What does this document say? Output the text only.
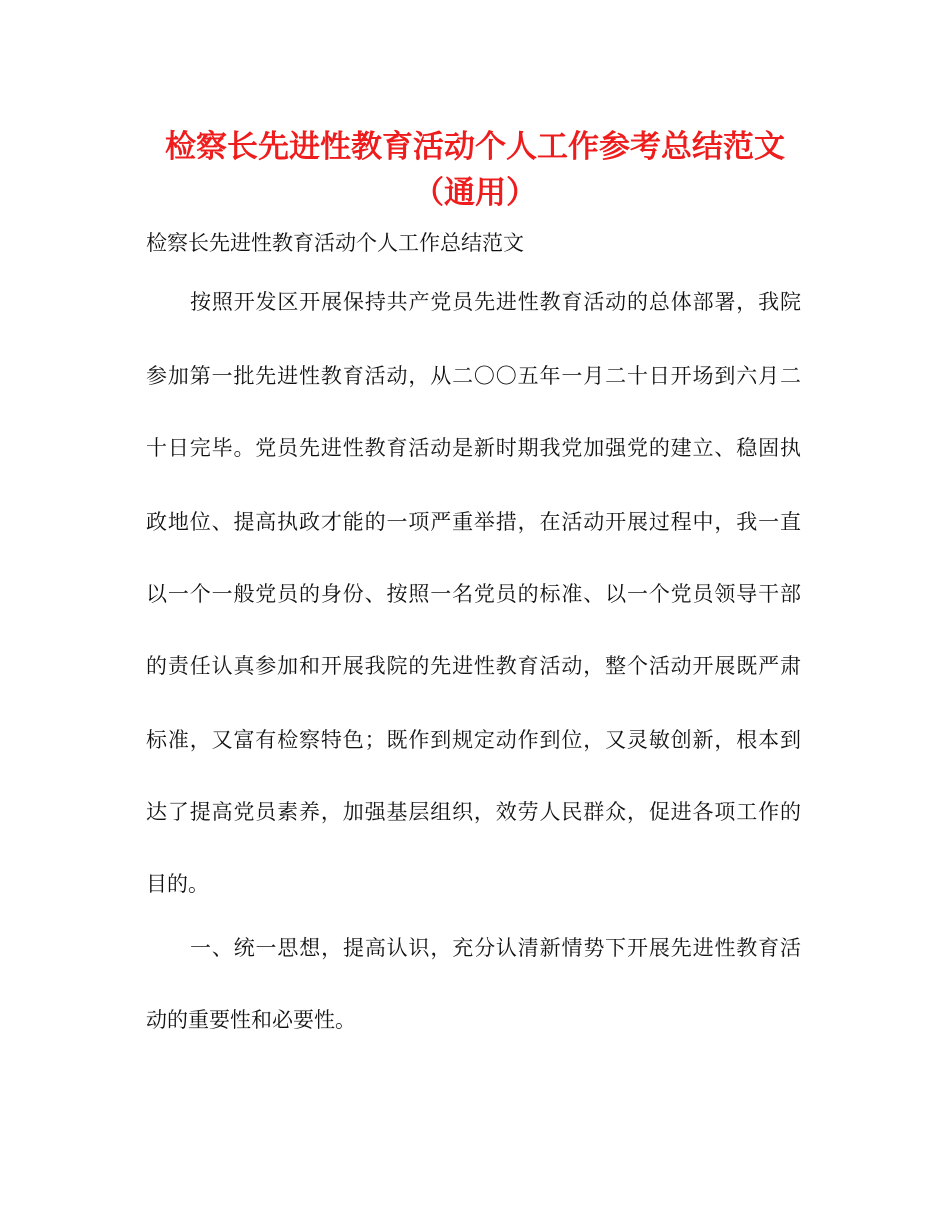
检察长先进性教育活动个人工作参考总结范文
（通用）
检察长先进性教育活动个人工作总结范文
按照开发区开展保持共产党员先进性教育活动的总体部署，我院
参加第一批先进性教育活动，从二〇〇五年一月二十日开场到六月二
十日完毕。党员先进性教育活动是新时期我党加强党的建立、稳固执
政地位、提高执政才能的一项严重举措，在活动开展过程中，我一直
以一个一般党员的身份、按照一名党员的标准、以一个党员领导干部
的责任认真参加和开展我院的先进性教育活动，整个活动开展既严肃
标准，又富有检察特色；既作到规定动作到位，又灵敏创新，根本到
达了提高党员素养，加强基层组织，效劳人民群众，促进各项工作的
目的。
一、统一思想，提高认识，充分认清新情势下开展先进性教育活
动的重要性和必要性。
